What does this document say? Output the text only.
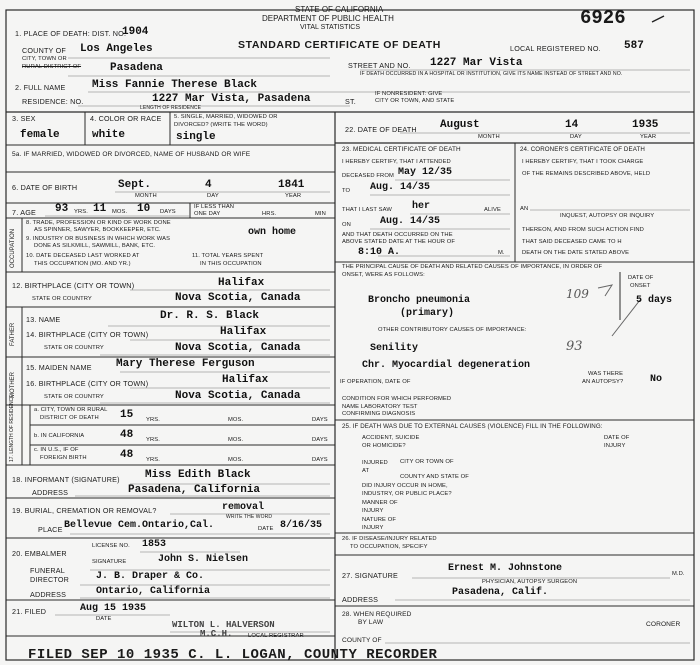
STATE OF CALIFORNIA
DEPARTMENT OF PUBLIC HEALTH
VITAL STATISTICS	6926
1. PLACE OF DEATH: DIST. NO.
1904
STANDARD CERTIFICATE OF DEATH	LOCAL REGISTERED NO. 587
COUNTY OF Los Angeles
CITY, TOWN OR
RURAL DISTRICT OF	Pasadena	STREET AND NO. 1227 Mar Vista
IF DEATH OCCURRED IN A HOSPITAL OR INSTITUTION, GIVE ITS NAME INSTEAD OF STREET AND NO.
2. FULL NAME Miss Fannie Therese Black
IF NONRESIDENT: GIVE
CITY OR TOWN, AND STATE
RESIDENCE: NO.	1227 Mar Vista, Pasadena	ST.
LENGTH OF RESIDENCE
3. SEX
female
4. COLOR OR RACE
white
5. SINGLE, MARRIED, WIDOWED OR
DIVORCED? (WRITE THE WORD)
single
5a. IF MARRIED, WIDOWED OR DIVORCED, NAME OF HUSBAND OR WIFE
6. DATE OF BIRTH	Sept.	4	1841
MONTH	DAY	YEAR
7. AGE 93 YRS. 11 MOS. 10 DAYS
IF LESS THAN
ONE DAY	HRS.	MIN
OCCUPATION
8. TRADE, PROFESSION OR KIND OF WORK DONE
AS SPINNER, SAWYER, BOOKKEEPER, ETC.	own home
9. INDUSTRY OR BUSINESS IN WHICH WORK WAS
DONE AS SILKMILL, SAWMILL, BANK, ETC.
10. DATE DECEASED LAST WORKED AT
THIS OCCUPATION (MO. AND YR.)
11. TOTAL YEARS SPENT
IN THIS OCCUPATION
12. BIRTHPLACE (CITY OR TOWN)	Halifax
STATE OR COUNTRY	Nova Scotia, Canada
FATHER
MOTHER
13. NAME	Dr. R. S. Black
14. BIRTHPLACE (CITY OR TOWN)	Halifax
STATE OR COUNTRY	Nova Scotia, Canada
15. MAIDEN NAME Mary Therese Ferguson
16. BIRTHPLACE (CITY OR TOWN)	Halifax
STATE OR COUNTRY	Nova Scotia, Canada
17. LENGTH OF RESIDENCE	a. CITY, TOWN OR RURAL
DISTRICT OF DEATH 15 YRS.	MOS.	DAYS
b. IN CALIFORNIA	48 YRS.	MOS.	DAYS
c. IN U.S., IF OF
FOREIGN BIRTH	48 YRS.	MOS.	DAYS
18. INFORMANT (SIGNATURE) Miss Edith Black
ADDRESS	Pasadena, California
19. BURIAL, CREMATION OR REMOVAL?	removal
PLACE Bellevue Cem.Ontario,Cal.
WRITE THE WORD
DATE 8/16/35
20. EMBALMER
LICENSE NO. 1853
SIGNATURE	John S. Nielsen
FUNERAL
DIRECTOR	J. B. Draper & Co.
ADDRESS	Ontario, California
21. FILED	Aug 15 1935
DATE
WILTON L. HALVERSON
M.C.H.	LOCAL REGISTRAR
FILED SEP 10 1935 C. L. LOGAN, COUNTY RECORDER
22. DATE OF DEATH August	14	1935
MONTH	DAY	YEAR
23. MEDICAL CERTIFICATE OF DEATH
I HEREBY CERTIFY, THAT I ATTENDED
DECEASED FROM May 12/35
TO Aug. 14/35
THAT I LAST SAW her	ALIVE
ON	Aug. 14/35
AND THAT DEATH OCCURRED ON THE
ABOVE STATED DATE AT THE HOUR OF
8:10 A.	M.
24. CORONER'S CERTIFICATE OF DEATH
I HEREBY CERTIFY, THAT I TOOK CHARGE
OF THE REMAINS DESCRIBED ABOVE, HELD
AN
INQUEST, AUTOPSY OR INQUIRY
THEREON, AND FROM SUCH ACTION FIND
THAT SAID DECEASED CAME TO H
DEATH ON THE DATE STATED ABOVE
THE PRINCIPAL CAUSE OF DEATH AND RELATED CAUSES OF IMPORTANCE, IN ORDER OF
ONSET, WERE AS FOLLOWS:	DATE OF
ONSET
Broncho pneumonia
(primary)
109	5 days
OTHER CONTRIBUTORY CAUSES OF IMPORTANCE:
Senility	93
Chr. Myocardial degeneration
WAS THERE
IF OPERATION, DATE OF	AN AUTOPSY?	No
CONDITION FOR WHICH PERFORMED
NAME LABORATORY TEST
CONFIRMING DIAGNOSIS
25. IF DEATH WAS DUE TO EXTERNAL CAUSES (VIOLENCE) FILL IN THE FOLLOWING:
ACCIDENT, SUICIDE
OR HOMICIDE?
DATE OF
INJURY
INJURED
AT
CITY OR TOWN OF
COUNTY AND STATE OF
DID INJURY OCCUR IN HOME,
INDUSTRY, OR PUBLIC PLACE?
MANNER OF
INJURY
NATURE OF
INJURY
26. IF DISEASE/INJURY RELATED
TO OCCUPATION, SPECIFY
27. SIGNATURE
Ernest M. Johnstone	M.D.
PHYSICIAN, AUTOPSY SURGEON
ADDRESS
Pasadena, Calif.
28. WHEN REQUIRED
BY LAW	CORONER
COUNTY OF
